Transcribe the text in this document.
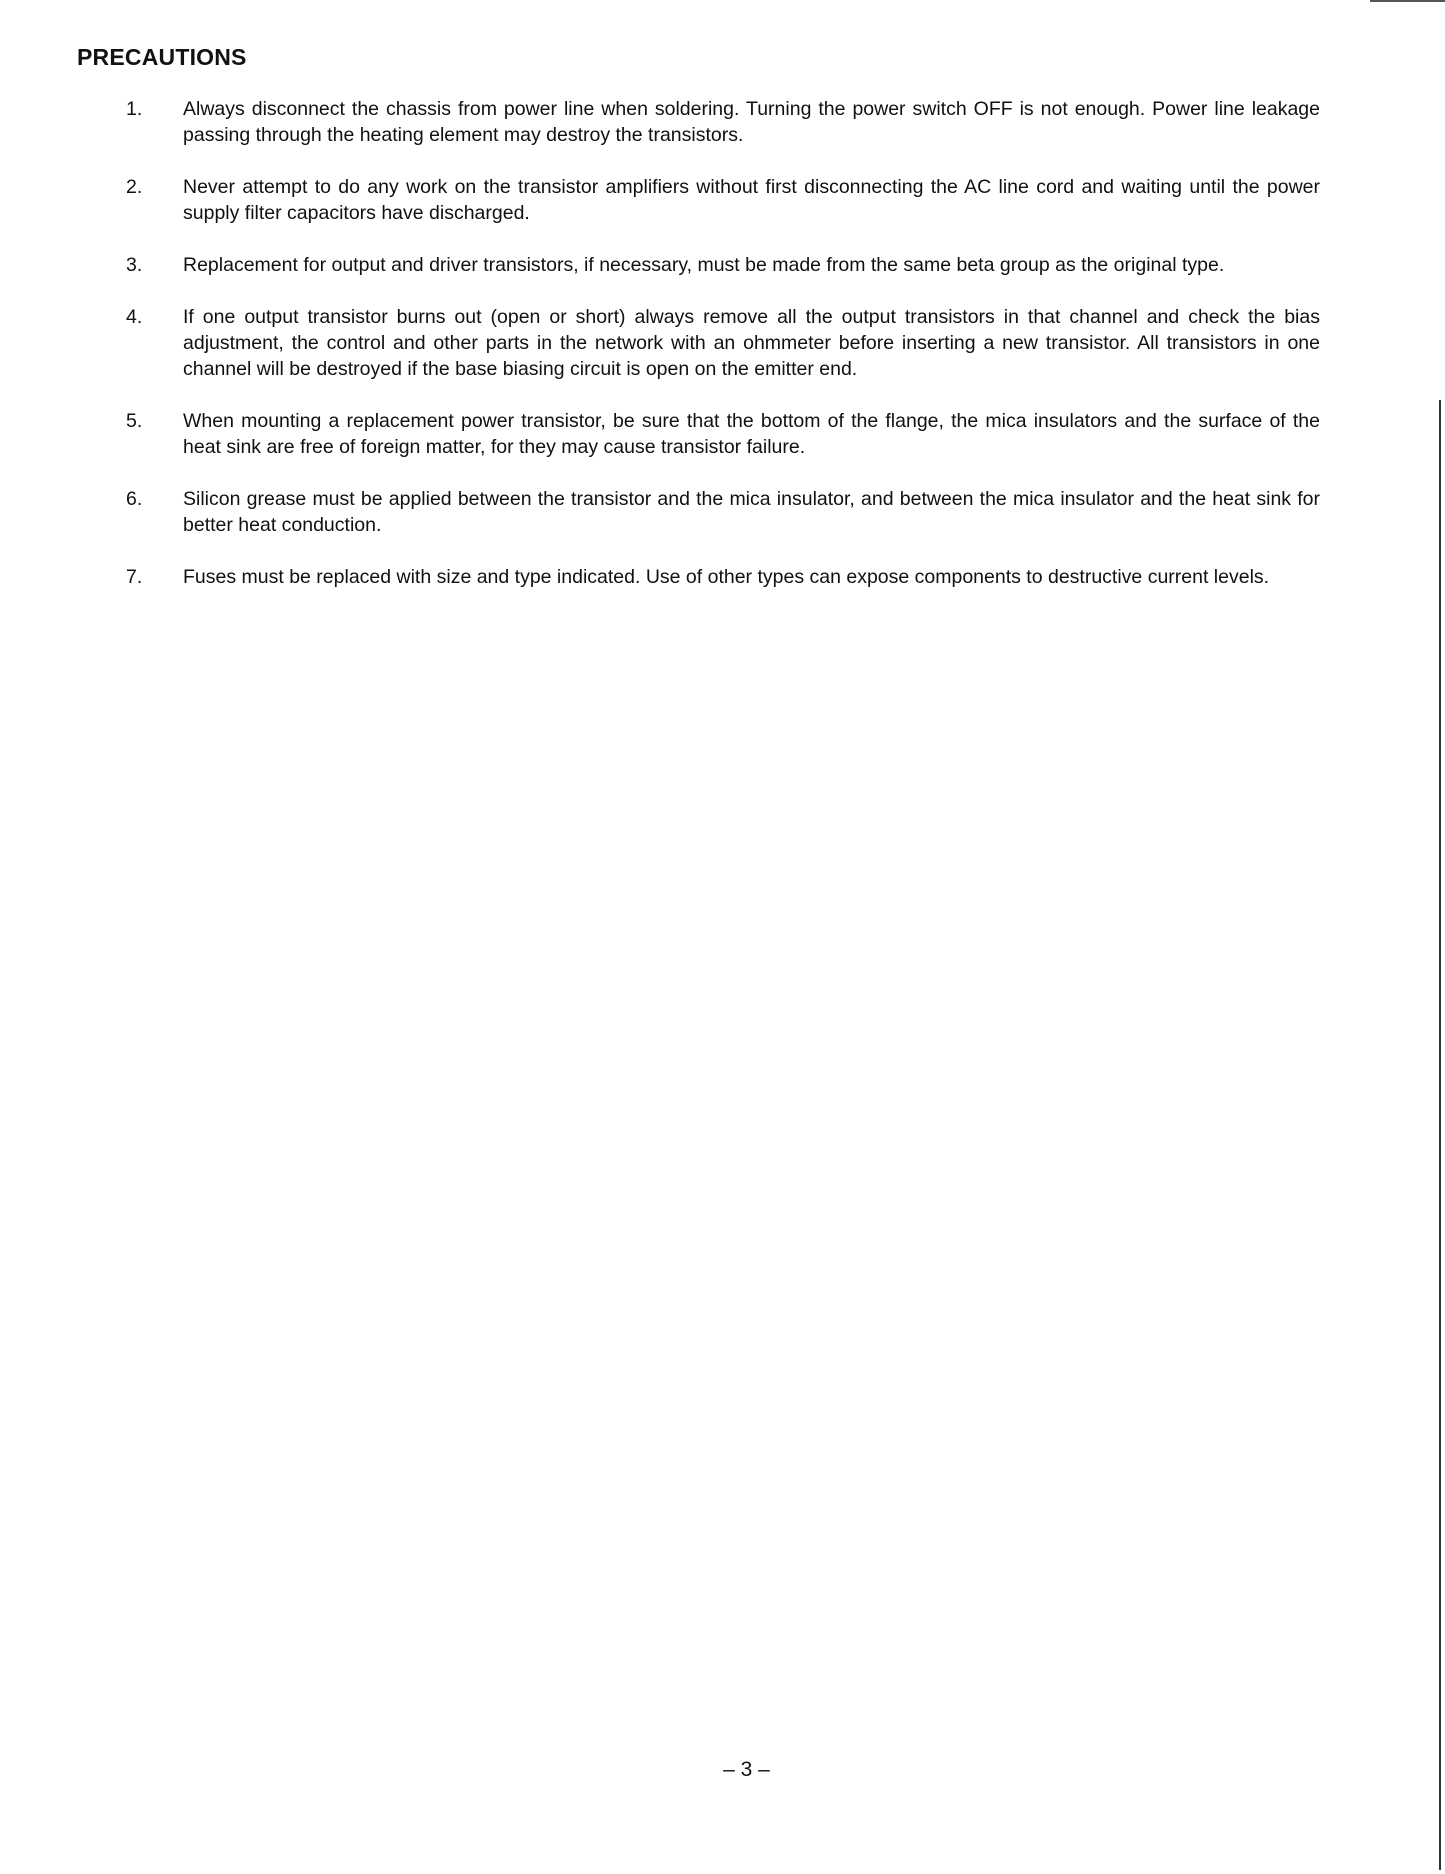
PRECAUTIONS
1.	Always disconnect the chassis from power line when soldering. Turning the power switch OFF is not enough. Power line leakage passing through the heating element may destroy the transistors.
2.	Never attempt to do any work on the transistor amplifiers without first disconnecting the AC line cord and waiting until the power supply filter capacitors have discharged.
3.	Replacement for output and driver transistors, if necessary, must be made from the same beta group as the original type.
4.	If one output transistor burns out (open or short) always remove all the output transistors in that channel and check the bias adjustment, the control and other parts in the network with an ohmmeter before inserting a new transistor. All transistors in one channel will be destroyed if the base biasing circuit is open on the emitter end.
5.	When mounting a replacement power transistor, be sure that the bottom of the flange, the mica insulators and the surface of the heat sink are free of foreign matter, for they may cause transistor failure.
6.	Silicon grease must be applied between the transistor and the mica insulator, and between the mica insulator and the heat sink for better heat conduction.
7.	Fuses must be replaced with size and type indicated. Use of other types can expose components to destructive current levels.
– 3 –
